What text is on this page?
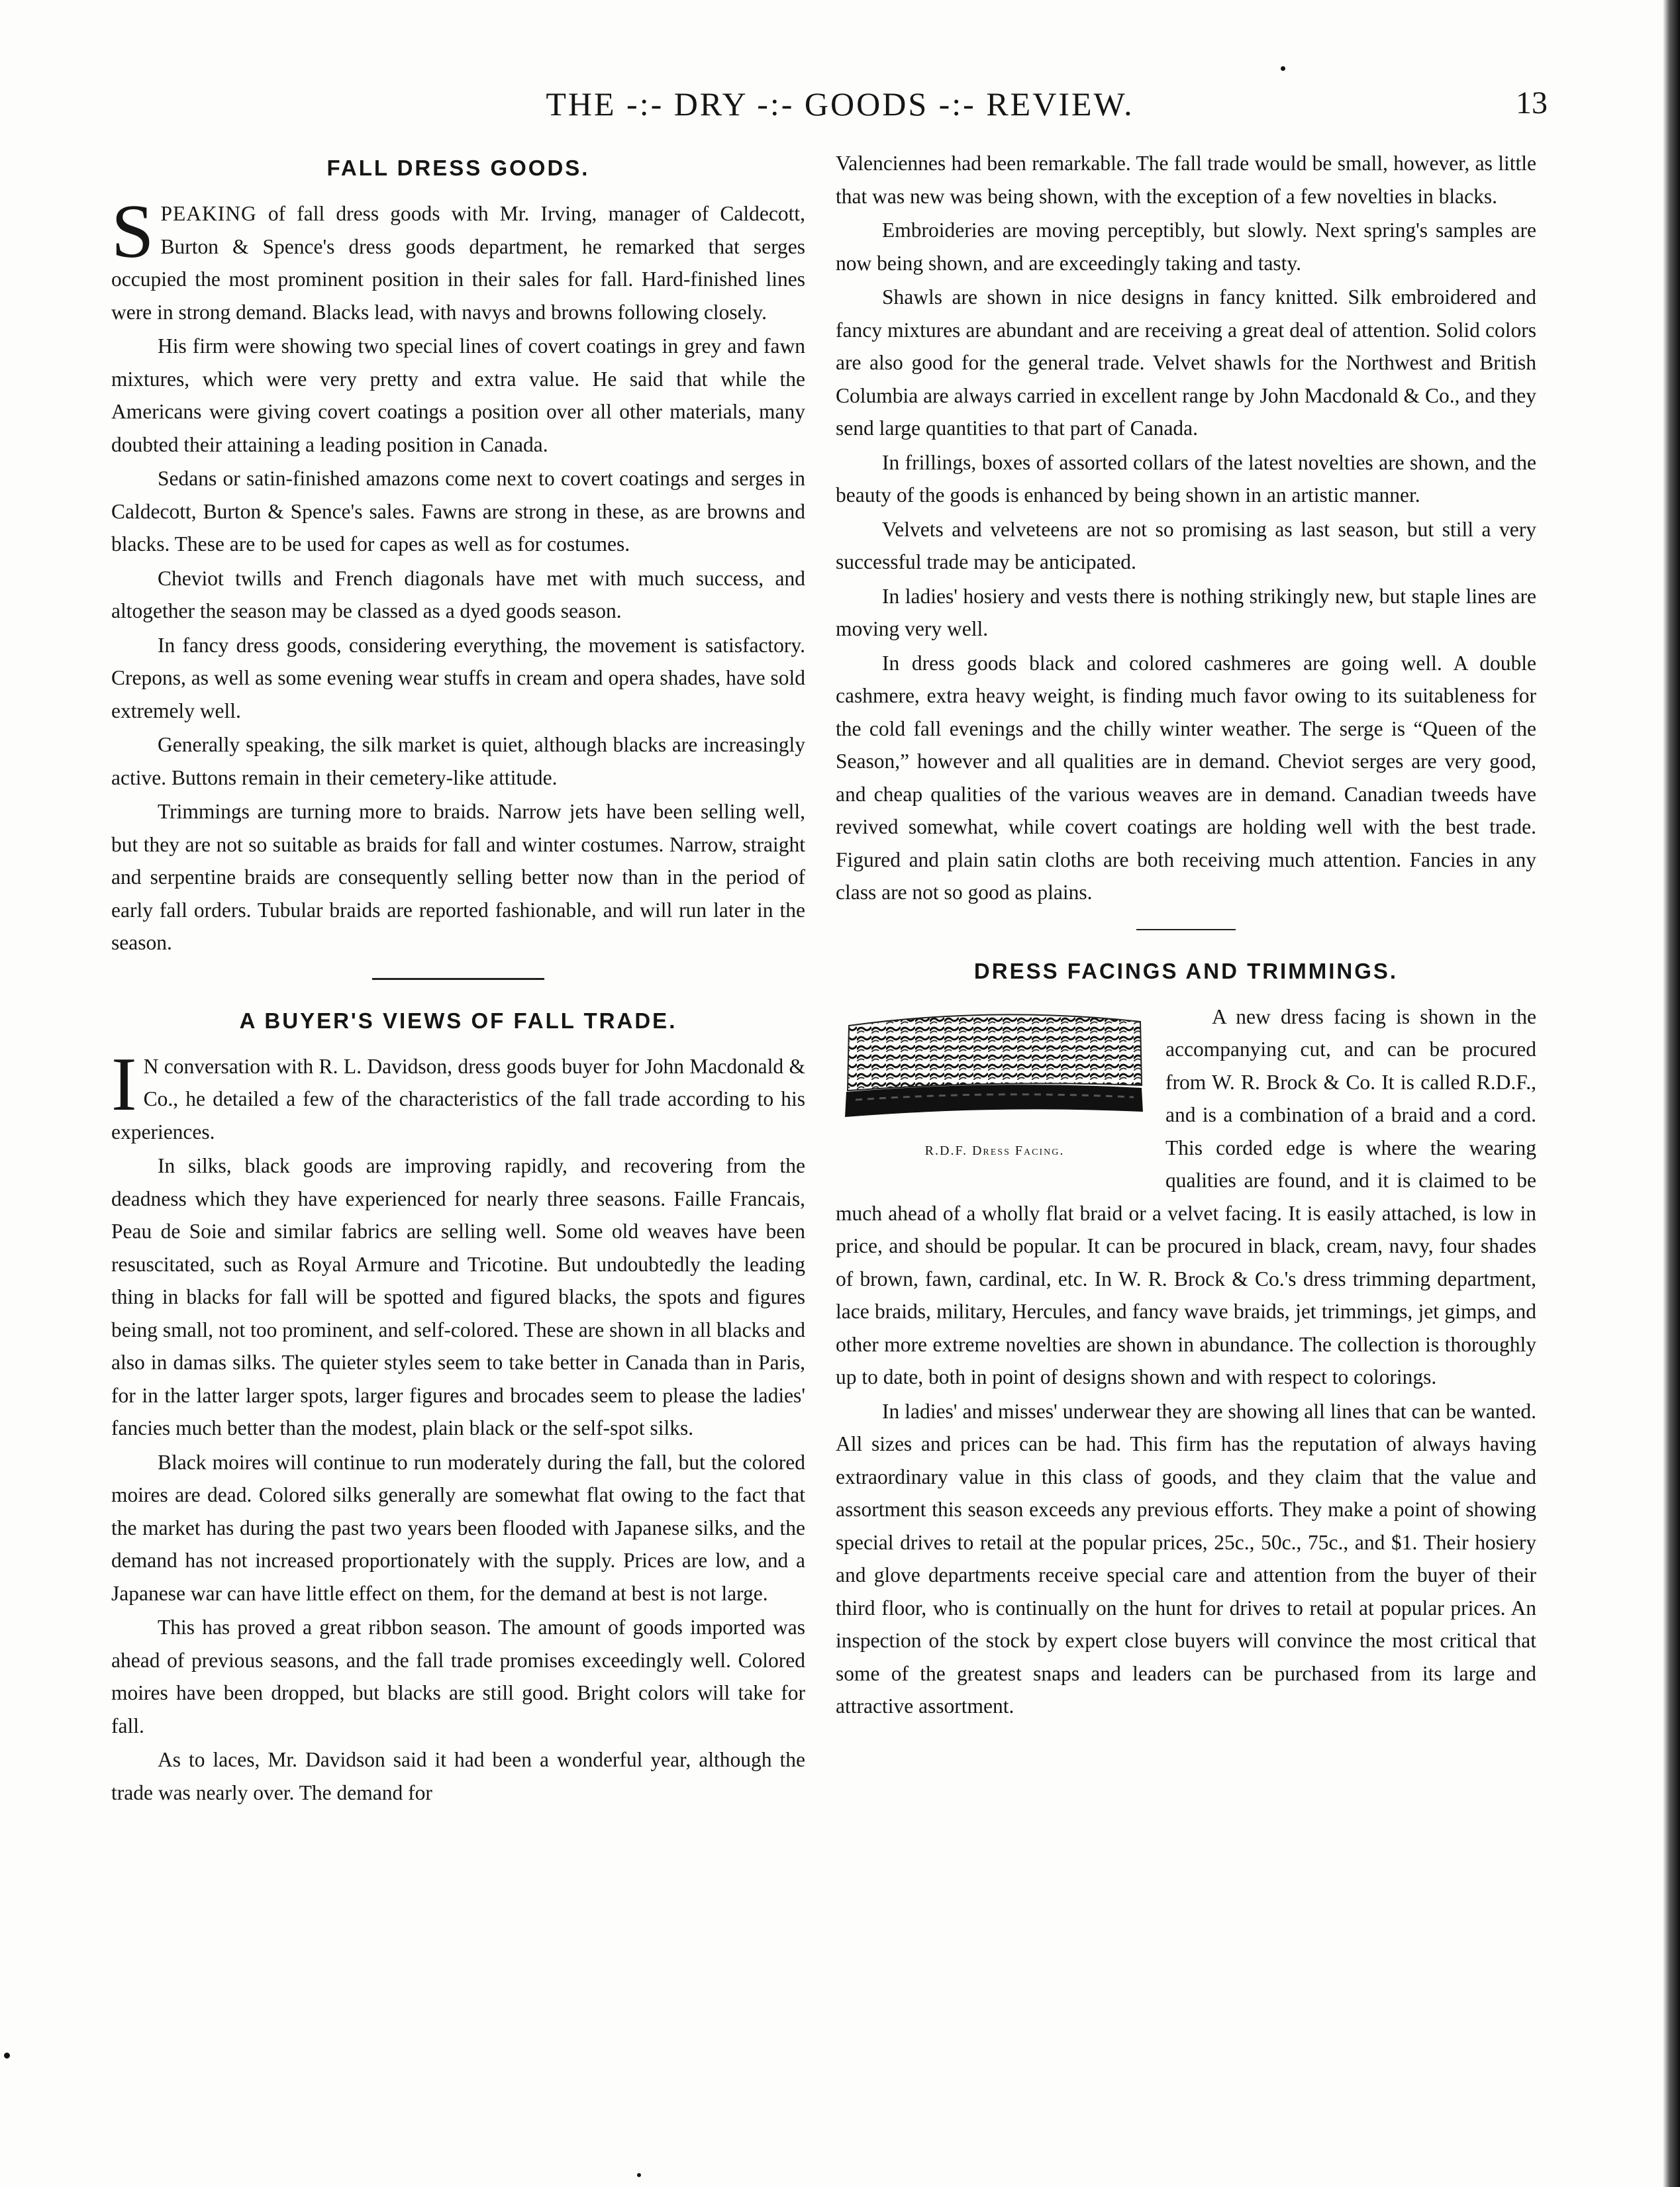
THE -:- DRY -:- GOODS -:- REVIEW.	13
FALL DRESS GOODS.

SPEAKING of fall dress goods with Mr. Irving, manager of Caldecott, Burton & Spence's dress goods department, he remarked that serges occupied the most prominent position in their sales for fall. Hard-finished lines were in strong demand. Blacks lead, with navys and browns following closely.

His firm were showing two special lines of covert coatings in grey and fawn mixtures, which were very pretty and extra value. He said that while the Americans were giving covert coatings a position over all other materials, many doubted their attaining a leading position in Canada.

Sedans or satin-finished amazons come next to covert coatings and serges in Caldecott, Burton & Spence's sales. Fawns are strong in these, as are browns and blacks. These are to be used for capes as well as for costumes.

Cheviot twills and French diagonals have met with much success, and altogether the season may be classed as a dyed goods season.

In fancy dress goods, considering everything, the movement is satisfactory. Crepons, as well as some evening wear stuffs in cream and opera shades, have sold extremely well.

Generally speaking, the silk market is quiet, although blacks are increasingly active. Buttons remain in their cemetery-like attitude.

Trimmings are turning more to braids. Narrow jets have been selling well, but they are not so suitable as braids for fall and winter costumes. Narrow, straight and serpentine braids are consequently selling better now than in the period of early fall orders. Tubular braids are reported fashionable, and will run later in the season.

A BUYER'S VIEWS OF FALL TRADE.

I N conversation with R. L. Davidson, dress goods buyer for John Macdonald & Co., he detailed a few of the characteristics of the fall trade according to his experiences.

In silks, black goods are improving rapidly, and recovering from the deadness which they have experienced for nearly three seasons. Faille Francais, Peau de Soie and similar fabrics are selling well. Some old weaves have been resuscitated, such as Royal Armure and Tricotine. But undoubtedly the leading thing in blacks for fall will be spotted and figured blacks, the spots and figures being small, not too prominent, and self-colored. These are shown in all blacks and also in damas silks. The quieter styles seem to take better in Canada than in Paris, for in the latter larger spots, larger figures and brocades seem to please the ladies' fancies much better than the modest, plain black or the self-spot silks.

Black moires will continue to run moderately during the fall, but the colored moires are dead. Colored silks generally are somewhat flat owing to the fact that the market has during the past two years been flooded with Japanese silks, and the demand has not increased proportionately with the supply. Prices are low, and a Japanese war can have little effect on them, for the demand at best is not large.

This has proved a great ribbon season. The amount of goods imported was ahead of previous seasons, and the fall trade promises exceedingly well. Colored moires have been dropped, but blacks are still good. Bright colors will take for fall.

As to laces, Mr. Davidson said it had been a wonderful year, although the trade was nearly over. The demand for

Valenciennes had been remarkable. The fall trade would be small, however, as little that was new was being shown, with the exception of a few novelties in blacks.

Embroideries are moving perceptibly, but slowly. Next spring's samples are now being shown, and are exceedingly taking and tasty.

Shawls are shown in nice designs in fancy knitted. Silk embroidered and fancy mixtures are abundant and are receiving a great deal of attention. Solid colors are also good for the general trade. Velvet shawls for the Northwest and British Columbia are always carried in excellent range by John Macdonald & Co., and they send large quantities to that part of Canada.

In frillings, boxes of assorted collars of the latest novelties are shown, and the beauty of the goods is enhanced by being shown in an artistic manner.

Velvets and velveteens are not so promising as last season, but still a very successful trade may be anticipated.

In ladies' hosiery and vests there is nothing strikingly new, but staple lines are moving very well.

In dress goods black and colored cashmeres are going well. A double cashmere, extra heavy weight, is finding much favor owing to its suitableness for the cold fall evenings and the chilly winter weather. The serge is “Queen of the Season,” however and all qualities are in demand. Cheviot serges are very good, and cheap qualities of the various weaves are in demand. Canadian tweeds have revived somewhat, while covert coatings are holding well with the best trade. Figured and plain satin cloths are both receiving much attention. Fancies in any class are not so good as plains.

DRESS FACINGS AND TRIMMINGS.

R.D.F. Dress Facing.
A new dress facing is shown in the accompanying cut, and can be procured from W. R. Brock & Co. It is called R.D.F., and is a combination of a braid and a cord. This corded edge is where the wearing qualities are found, and it is claimed to be much ahead of a wholly flat braid or a velvet facing. It is easily attached, is low in price, and should be popular. It can be procured in black, cream, navy, four shades of brown, fawn, cardinal, etc. In W. R. Brock & Co.'s dress trimming department, lace braids, military, Hercules, and fancy wave braids, jet trimmings, jet gimps, and other more extreme novelties are shown in abundance. The collection is thoroughly up to date, both in point of designs shown and with respect to colorings.

In ladies' and misses' underwear they are showing all lines that can be wanted. All sizes and prices can be had. This firm has the reputation of always having extraordinary value in this class of goods, and they claim that the value and assortment this season exceeds any previous efforts. They make a point of showing special drives to retail at the popular prices, 25c., 50c., 75c., and $1. Their hosiery and glove departments receive special care and attention from the buyer of their third floor, who is continually on the hunt for drives to retail at popular prices. An inspection of the stock by expert close buyers will convince the most critical that some of the greatest snaps and leaders can be purchased from its large and attractive assortment.
